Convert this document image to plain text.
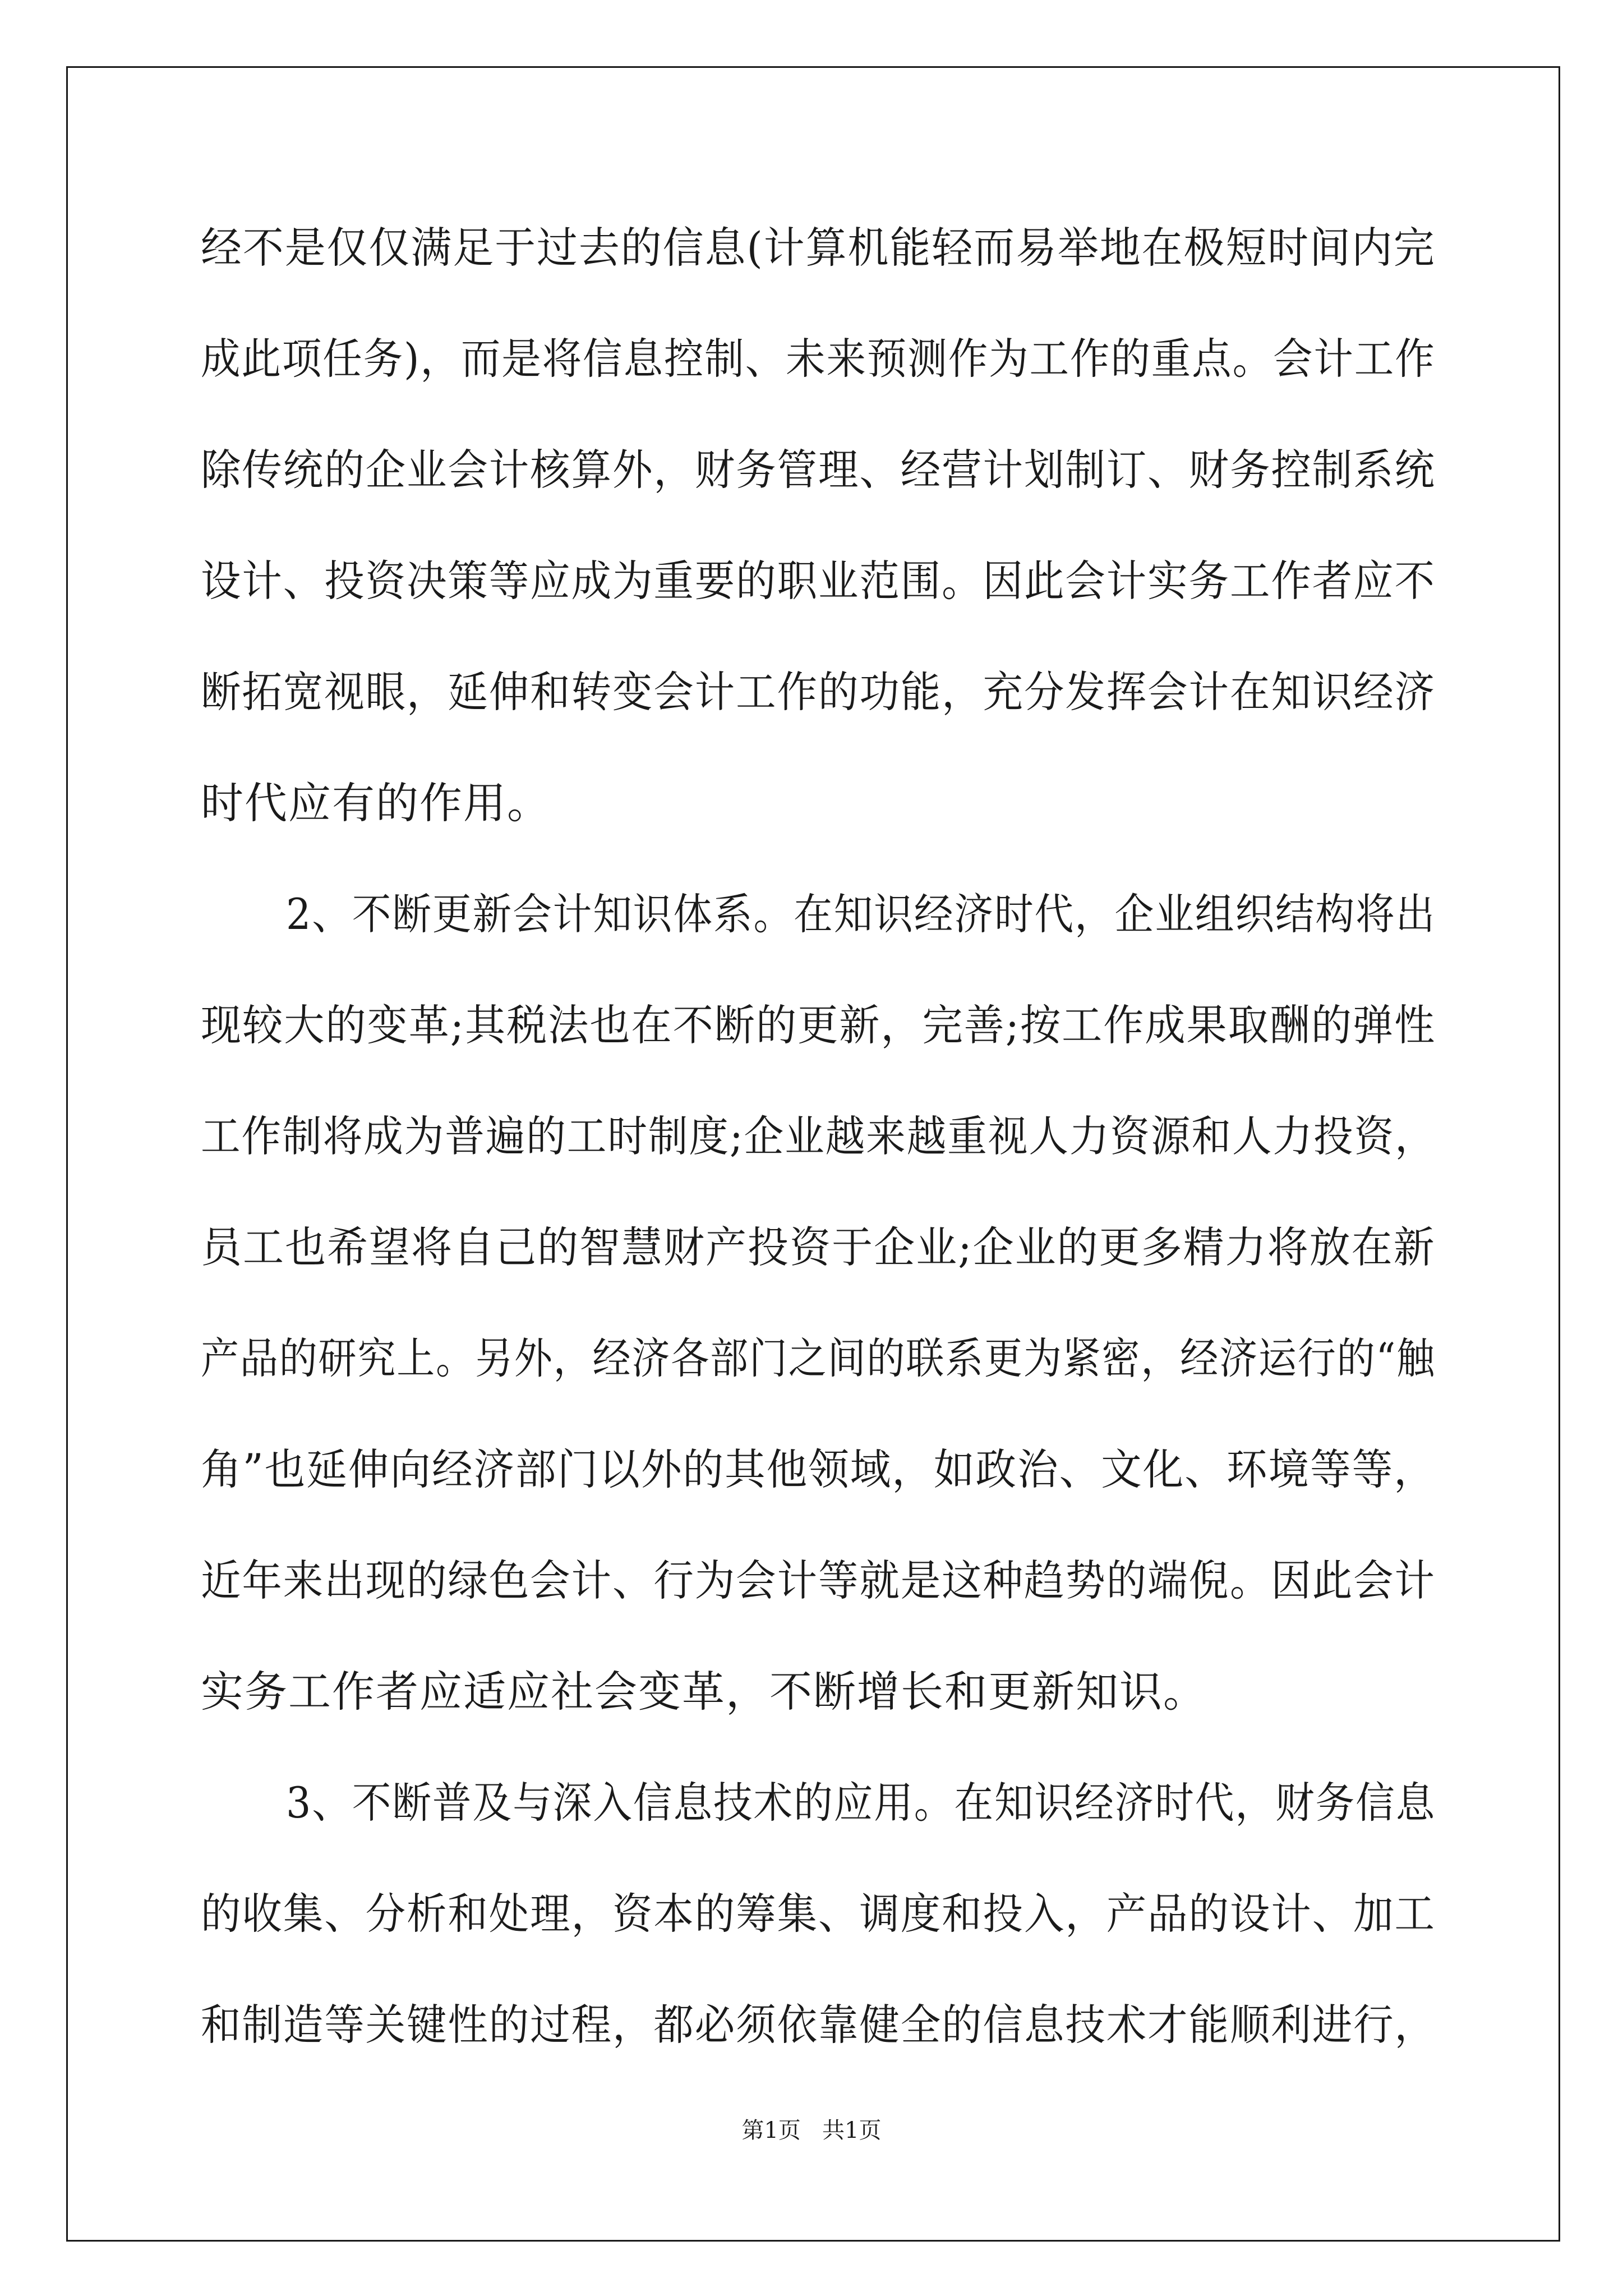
经不是仅仅满足于过去的信息(计算机能轻而易举地在极短时间内完
成此项任务)，而是将信息控制、未来预测作为工作的重点。会计工作
除传统的企业会计核算外，财务管理、经营计划制订、财务控制系统
设计、投资决策等应成为重要的职业范围。因此会计实务工作者应不
断拓宽视眼，延伸和转变会计工作的功能，充分发挥会计在知识经济
时代应有的作用。
2、不断更新会计知识体系。在知识经济时代，企业组织结构将出
现较大的变革;其税法也在不断的更新，完善;按工作成果取酬的弹性
工作制将成为普遍的工时制度;企业越来越重视人力资源和人力投资，
员工也希望将自己的智慧财产投资于企业;企业的更多精力将放在新
产品的研究上。另外，经济各部门之间的联系更为紧密，经济运行的“触
角”也延伸向经济部门以外的其他领域，如政治、文化、环境等等，
近年来出现的绿色会计、行为会计等就是这种趋势的端倪。因此会计
实务工作者应适应社会变革，不断增长和更新知识。
3、不断普及与深入信息技术的应用。在知识经济时代，财务信息
的收集、分析和处理，资本的筹集、调度和投入，产品的设计、加工
和制造等关键性的过程，都必须依靠健全的信息技术才能顺利进行，
第1页   共1页
